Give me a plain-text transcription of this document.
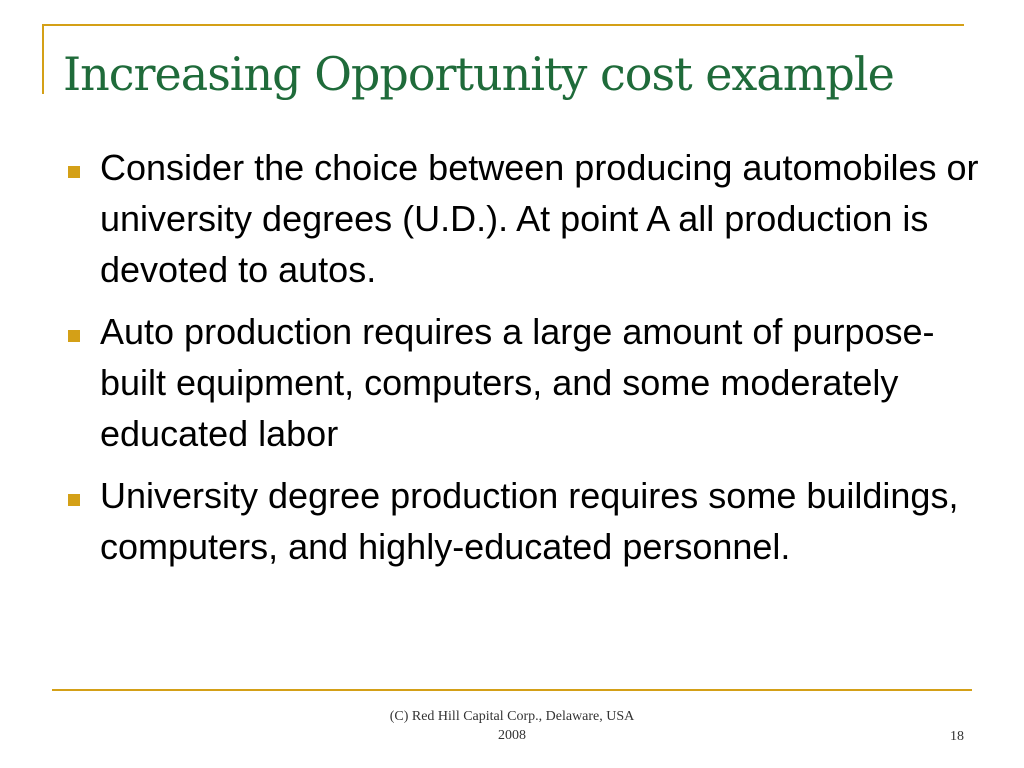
Increasing Opportunity cost example
Consider the choice between producing automobiles or university degrees (U.D.). At point A all production is devoted to autos.
Auto production requires a large amount of purpose-built equipment, computers, and some moderately educated labor
University degree production requires some buildings, computers, and highly-educated personnel.
(C) Red Hill Capital Corp., Delaware, USA
2008	18
